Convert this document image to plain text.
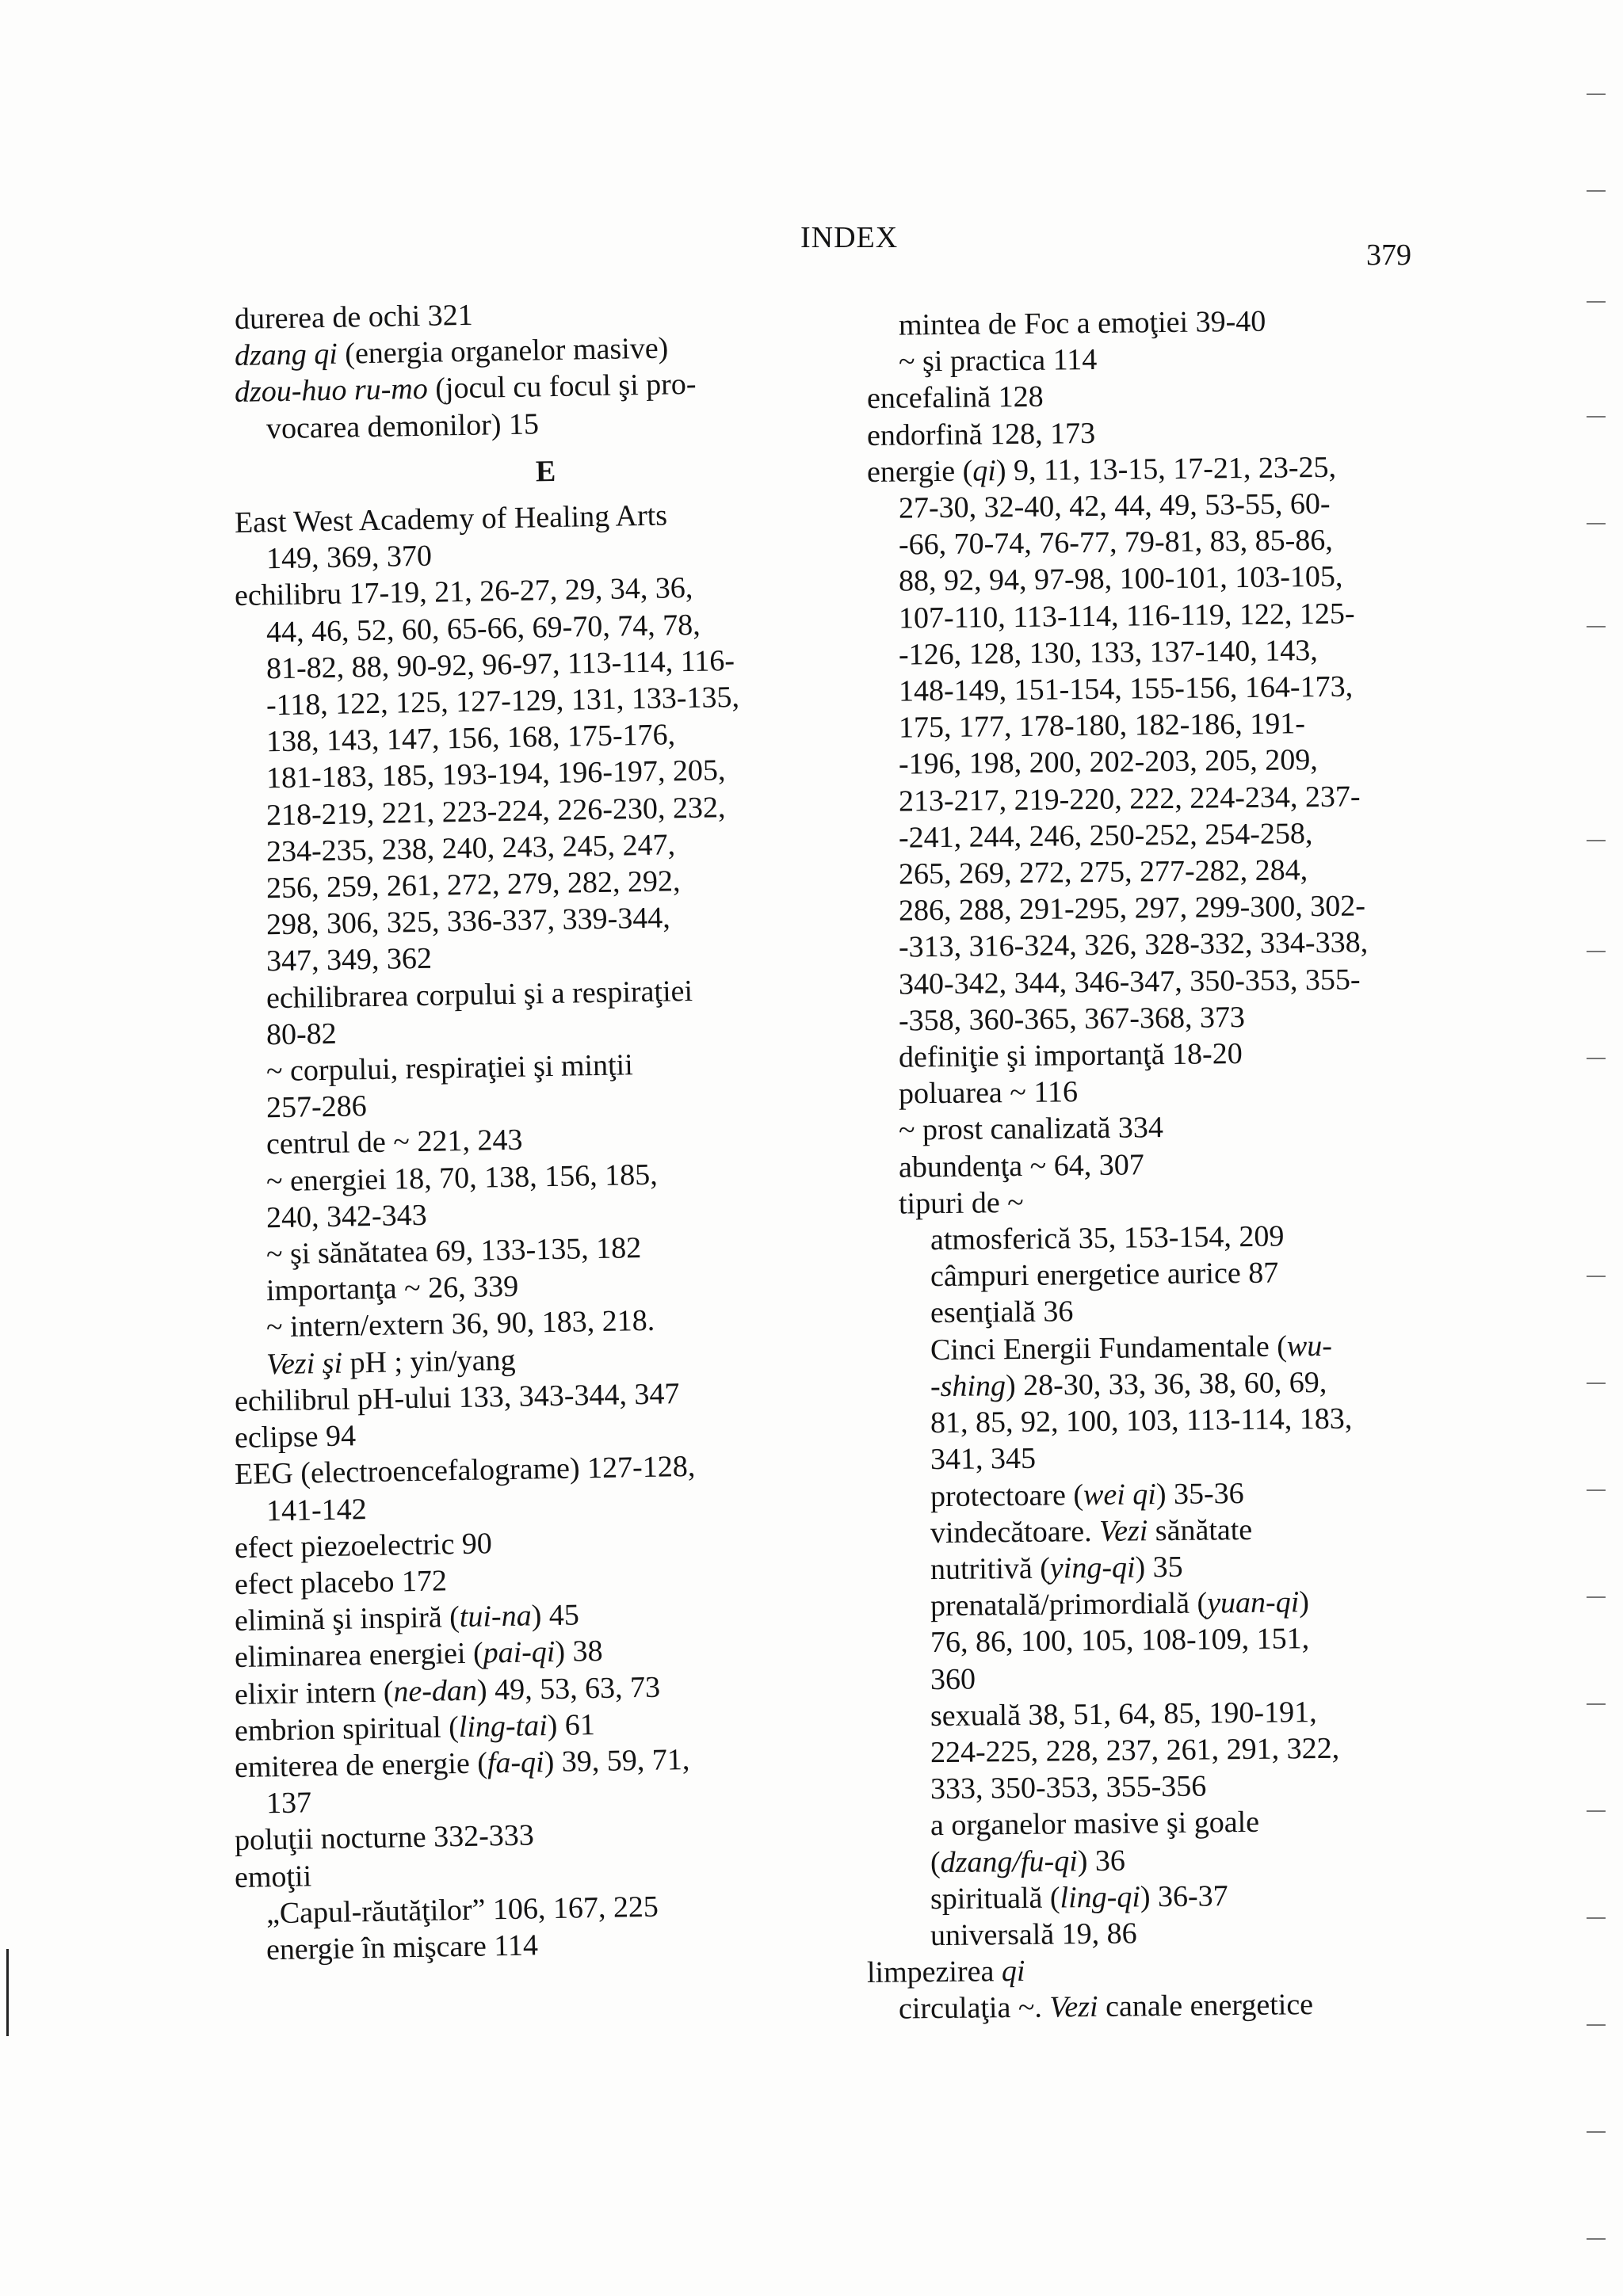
INDEX
379
durerea de ochi 321
dzang qi (energia organelor masive)
dzou-huo ru-mo (jocul cu focul şi pro-
vocarea demonilor) 15
E
East West Academy of Healing Arts
149, 369, 370
echilibru 17-19, 21, 26-27, 29, 34, 36,
44, 46, 52, 60, 65-66, 69-70, 74, 78,
81-82, 88, 90-92, 96-97, 113-114, 116-
-118, 122, 125, 127-129, 131, 133-135,
138, 143, 147, 156, 168, 175-176,
181-183, 185, 193-194, 196-197, 205,
218-219, 221, 223-224, 226-230, 232,
234-235, 238, 240, 243, 245, 247,
256, 259, 261, 272, 279, 282, 292,
298, 306, 325, 336-337, 339-344,
347, 349, 362
echilibrarea corpului şi a respiraţiei
80-82
~ corpului, respiraţiei şi minţii
257-286
centrul de ~ 221, 243
~ energiei 18, 70, 138, 156, 185,
240, 342-343
~ şi sănătatea 69, 133-135, 182
importanţa ~ 26, 339
~ intern/extern 36, 90, 183, 218.
Vezi şi pH ; yin/yang
echilibrul pH-ului 133, 343-344, 347
eclipse 94
EEG (electroencefalograme) 127-128,
141-142
efect piezoelectric 90
efect placebo 172
elimină şi inspiră (tui-na) 45
eliminarea energiei (pai-qi) 38
elixir intern (ne-dan) 49, 53, 63, 73
embrion spiritual (ling-tai) 61
emiterea de energie (fa-qi) 39, 59, 71,
137
poluţii nocturne 332-333
emoţii
„Capul-răutăţilor” 106, 167, 225
energie în mişcare 114
mintea de Foc a emoţiei 39-40
~ şi practica 114
encefalină 128
endorfină 128, 173
energie (qi) 9, 11, 13-15, 17-21, 23-25,
27-30, 32-40, 42, 44, 49, 53-55, 60-
-66, 70-74, 76-77, 79-81, 83, 85-86,
88, 92, 94, 97-98, 100-101, 103-105,
107-110, 113-114, 116-119, 122, 125-
-126, 128, 130, 133, 137-140, 143,
148-149, 151-154, 155-156, 164-173,
175, 177, 178-180, 182-186, 191-
-196, 198, 200, 202-203, 205, 209,
213-217, 219-220, 222, 224-234, 237-
-241, 244, 246, 250-252, 254-258,
265, 269, 272, 275, 277-282, 284,
286, 288, 291-295, 297, 299-300, 302-
-313, 316-324, 326, 328-332, 334-338,
340-342, 344, 346-347, 350-353, 355-
-358, 360-365, 367-368, 373
definiţie şi importanţă 18-20
poluarea ~ 116
~ prost canalizată 334
abundenţa ~ 64, 307
tipuri de ~
atmosferică 35, 153-154, 209
câmpuri energetice aurice 87
esenţială 36
Cinci Energii Fundamentale (wu-
-shing) 28-30, 33, 36, 38, 60, 69,
81, 85, 92, 100, 103, 113-114, 183,
341, 345
protectoare (wei qi) 35-36
vindecătoare. Vezi sănătate
nutritivă (ying-qi) 35
prenatală/primordială (yuan-qi)
76, 86, 100, 105, 108-109, 151,
360
sexuală 38, 51, 64, 85, 190-191,
224-225, 228, 237, 261, 291, 322,
333, 350-353, 355-356
a organelor masive şi goale
(dzang/fu-qi) 36
spirituală (ling-qi) 36-37
universală 19, 86
limpezirea qi
circulaţia ~. Vezi canale energetice
